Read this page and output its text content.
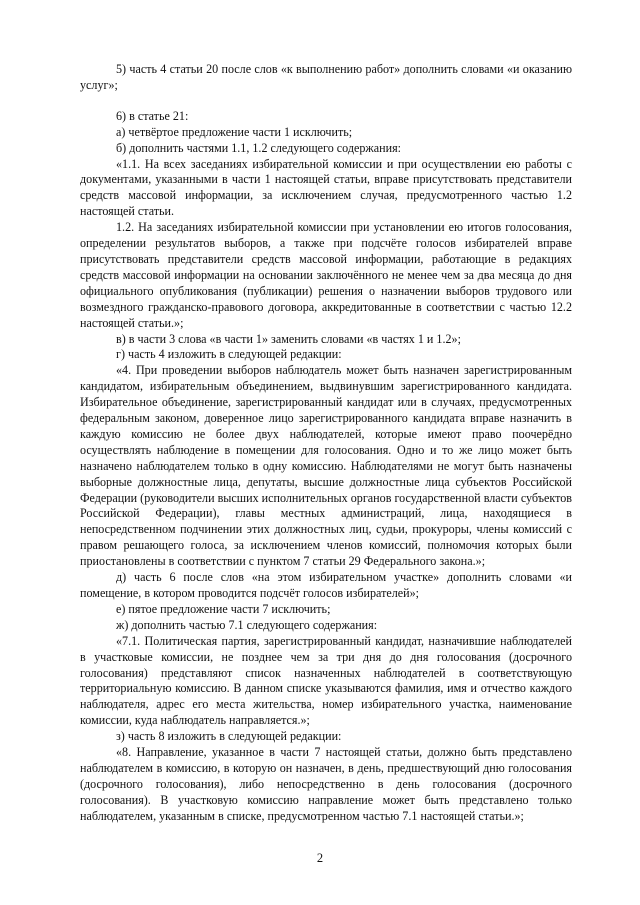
5) часть 4 статьи 20 после слов «к выполнению работ» дополнить словами «и оказанию услуг»;

6) в статье 21:

а) четвёртое предложение части 1 исключить;

б) дополнить частями 1.1, 1.2 следующего содержания:

«1.1. На всех заседаниях избирательной комиссии и при осуществлении ею работы с документами, указанными в части 1 настоящей статьи, вправе присутствовать представители средств массовой информации, за исключением случая, предусмотренного частью 1.2 настоящей статьи.

1.2. На заседаниях избирательной комиссии при установлении ею итогов голосования, определении результатов выборов, а также при подсчёте голосов избирателей вправе присутствовать представители средств массовой информации, работающие в редакциях средств массовой информации на основании заключённого не менее чем за два месяца до дня официального опубликования (публикации) решения о назначении выборов трудового или возмездного гражданско-правового договора, аккредитованные в соответствии с частью 12.2 настоящей статьи.»;

в) в части 3 слова «в части 1» заменить словами «в частях 1 и 1.2»;

г) часть 4 изложить в следующей редакции:

«4. При проведении выборов наблюдатель может быть назначен зарегистрированным кандидатом, избирательным объединением, выдвинувшим зарегистрированного кандидата. Избирательное объединение, зарегистрированный кандидат или в случаях, предусмотренных федеральным законом, доверенное лицо зарегистрированного кандидата вправе назначить в каждую комиссию не более двух наблюдателей, которые имеют право поочерёдно осуществлять наблюдение в помещении для голосования. Одно и то же лицо может быть назначено наблюдателем только в одну комиссию. Наблюдателями не могут быть назначены выборные должностные лица, депутаты, высшие должностные лица субъектов Российской Федерации (руководители высших исполнительных органов государственной власти субъектов Российской Федерации), главы местных администраций, лица, находящиеся в непосредственном подчинении этих должностных лиц, судьи, прокуроры, члены комиссий с правом решающего голоса, за исключением членов комиссий, полномочия которых были приостановлены в соответствии с пунктом 7 статьи 29 Федерального закона.»;

д) часть 6 после слов «на этом избирательном участке» дополнить словами «и помещение, в котором проводится подсчёт голосов избирателей»;

е) пятое предложение части 7 исключить;

ж) дополнить частью 7.1 следующего содержания:

«7.1. Политическая партия, зарегистрированный кандидат, назначившие наблюдателей в участковые комиссии, не позднее чем за три дня до дня голосования (досрочного голосования) представляют список назначенных наблюдателей в соответствующую территориальную комиссию. В данном списке указываются фамилия, имя и отчество каждого наблюдателя, адрес его места жительства, номер избирательного участка, наименование комиссии, куда наблюдатель направляется.»;

з) часть 8 изложить в следующей редакции:

«8. Направление, указанное в части 7 настоящей статьи, должно быть представлено наблюдателем в комиссию, в которую он назначен, в день, предшествующий дню голосования (досрочного голосования), либо непосредственно в день голосования (досрочного голосования). В участковую комиссию направление может быть представлено только наблюдателем, указанным в списке, предусмотренном частью 7.1 настоящей статьи.»;

2
